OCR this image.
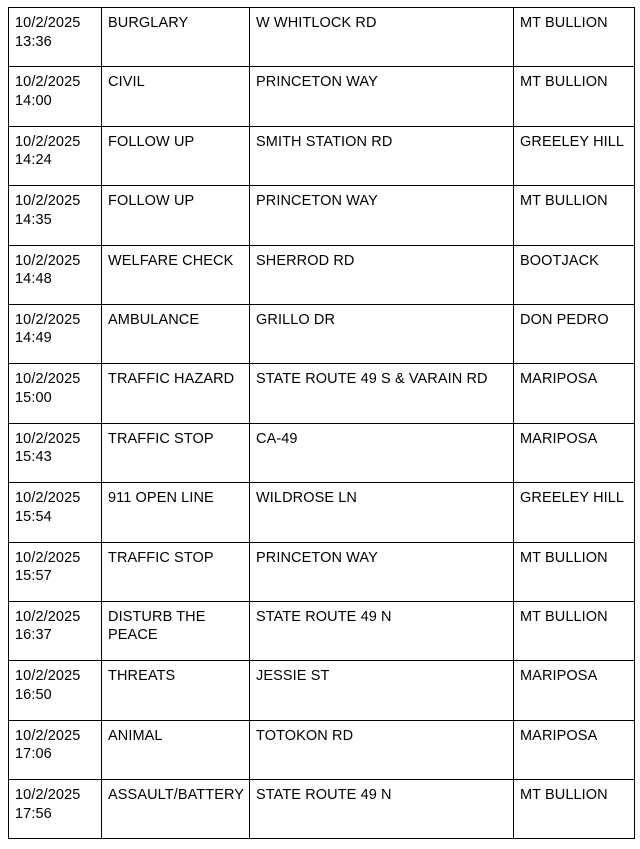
10/2/2025
13:36	BURGLARY	W WHITLOCK RD	MT BULLION

10/2/2025
14:00	CIVIL	PRINCETON WAY	MT BULLION

10/2/2025
14:24	FOLLOW UP	SMITH STATION RD	GREELEY HILL

10/2/2025
14:35	FOLLOW UP	PRINCETON WAY	MT BULLION

10/2/2025
14:48	WELFARE CHECK	SHERROD RD	BOOTJACK

10/2/2025
14:49	AMBULANCE	GRILLO DR	DON PEDRO

10/2/2025
15:00	TRAFFIC HAZARD	STATE ROUTE 49 S & VARAIN RD	MARIPOSA

10/2/2025
15:43	TRAFFIC STOP	CA-49	MARIPOSA

10/2/2025
15:54	911 OPEN LINE	WILDROSE LN	GREELEY HILL

10/2/2025
15:57	TRAFFIC STOP	PRINCETON WAY	MT BULLION

10/2/2025
16:37	DISTURB THE PEACE	STATE ROUTE 49 N	MT BULLION

10/2/2025
16:50	THREATS	JESSIE ST	MARIPOSA

10/2/2025
17:06	ANIMAL	TOTOKON RD	MARIPOSA

10/2/2025
17:56	ASSAULT/BATTERY	STATE ROUTE 49 N	MT BULLION
